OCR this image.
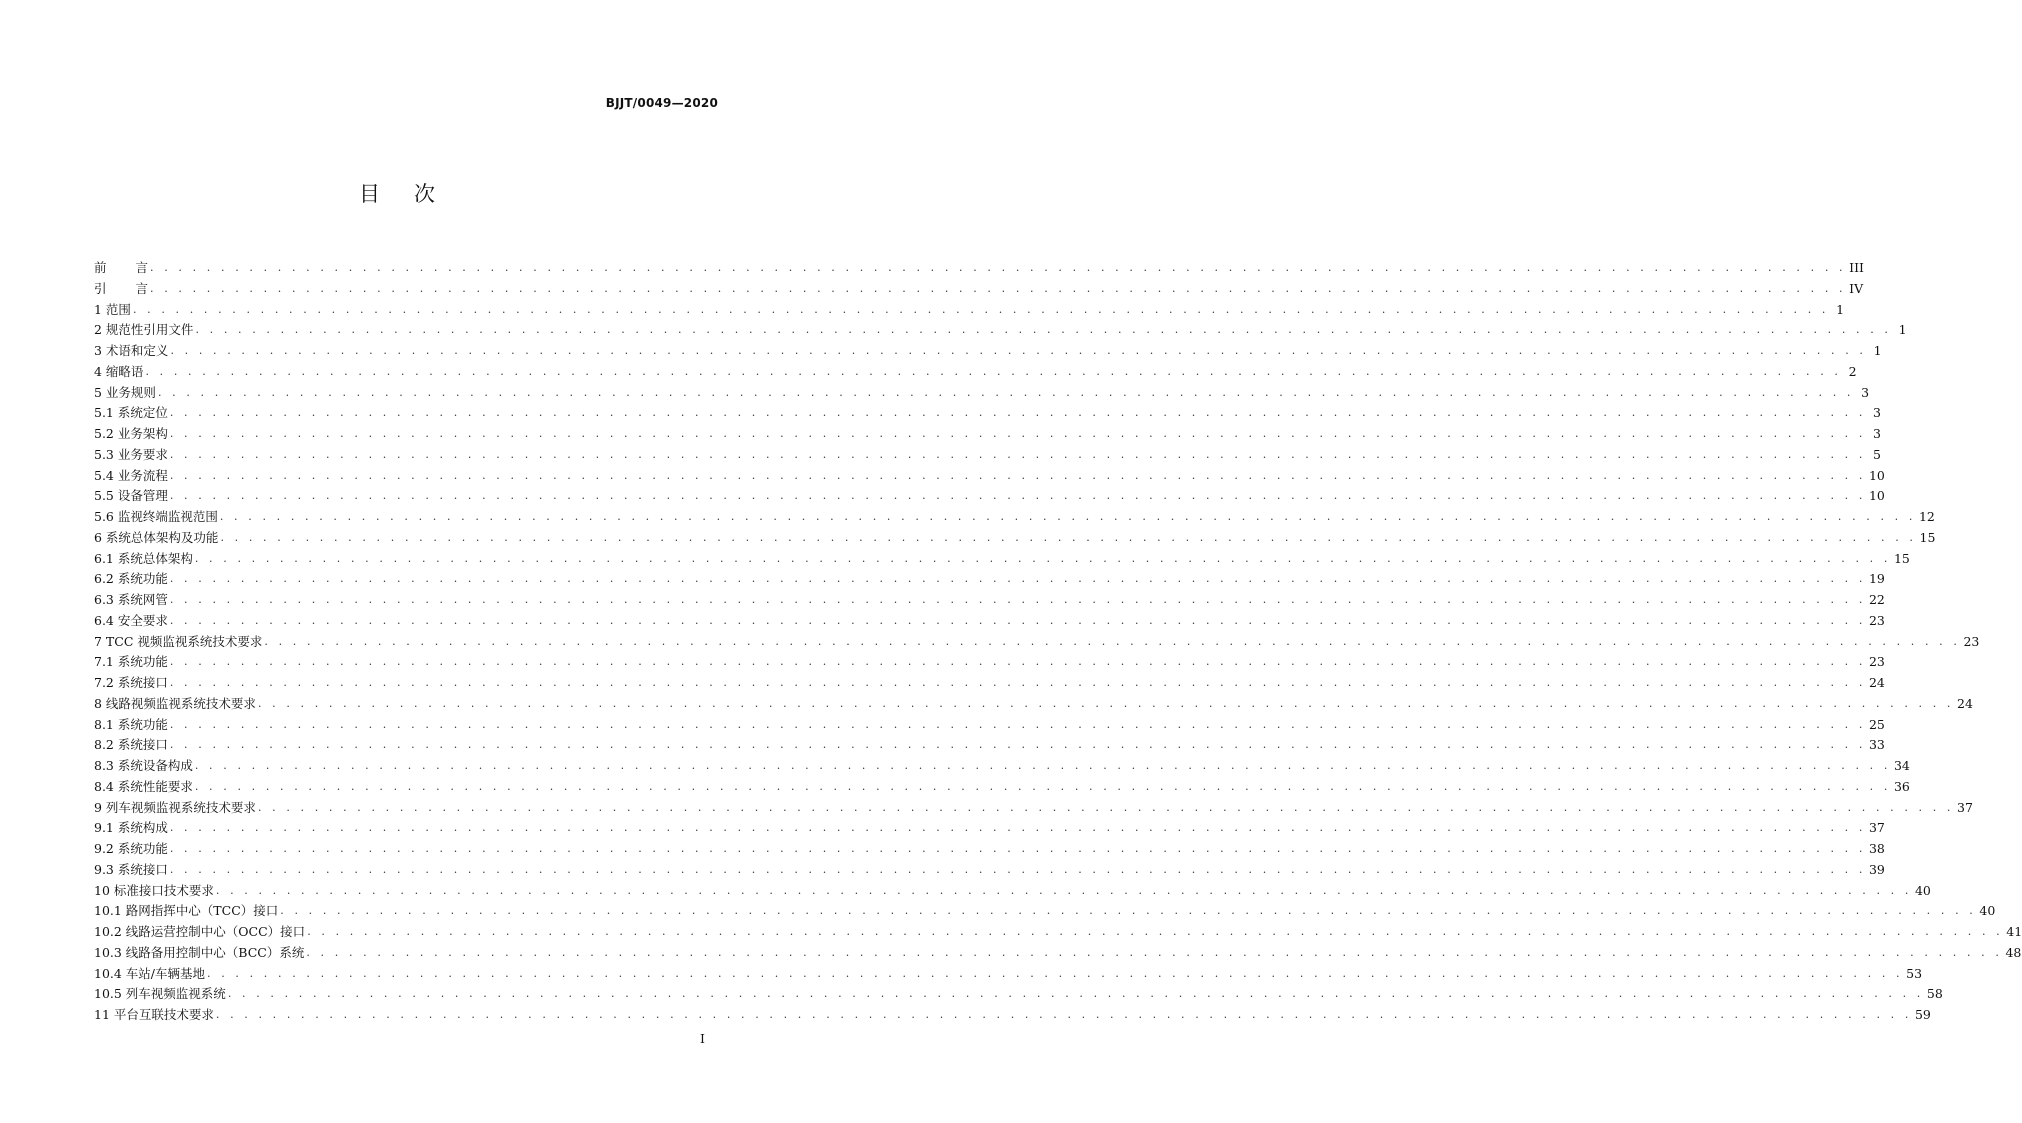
BJJT/0049—2020
目 次
前 言 . . . . . . . . . . . . . . . . . . . . . . . . . . . . . . . . . . . . . . . . . . . . . . . . . . . . . . . . . . . . . . . . . . . . . . . . . . . . . . . . . . . . . . . . . . . . . . . . . . . . . . . . . . . . . . . . . . . . . . . . III
引 言 . . . . . . . . . . . . . . . . . . . . . . . . . . . . . . . . . . . . . . . . . . . . . . . . . . . . . . . . . . . . . . . . . . . . . . . . . . . . . . . . . . . . . . . . . . . . . . . . . . . . . . . . . . . . . . . . . . . . . . . . IV
1 范围 . . . . . . . . . . . . . . . . . . . . . . . . . . . . . . . . . . . . . . . . . . . . . . . . . . . . . . . . . . . . . . . . . . . . . . . . . . . . . . . . . . . . . . . . . . . . . . . . . . . . . . . . . . . . . . . . . . . . . . . . 1
2 规范性引用文件 . . . . . . . . . . . . . . . . . . . . . . . . . . . . . . . . . . . . . . . . . . . . . . . . . . . . . . . . . . . . . . . . . . . . . . . . . . . . . . . . . . . . . . . . . . . . . . . . . . . . . . . . . . . . . . . . . . . . . . . . 1
3 术语和定义 . . . . . . . . . . . . . . . . . . . . . . . . . . . . . . . . . . . . . . . . . . . . . . . . . . . . . . . . . . . . . . . . . . . . . . . . . . . . . . . . . . . . . . . . . . . . . . . . . . . . . . . . . . . . . . . . . . . . . . . . 1
4 缩略语 . . . . . . . . . . . . . . . . . . . . . . . . . . . . . . . . . . . . . . . . . . . . . . . . . . . . . . . . . . . . . . . . . . . . . . . . . . . . . . . . . . . . . . . . . . . . . . . . . . . . . . . . . . . . . . . . . . . . . . . . 2
5 业务规则 . . . . . . . . . . . . . . . . . . . . . . . . . . . . . . . . . . . . . . . . . . . . . . . . . . . . . . . . . . . . . . . . . . . . . . . . . . . . . . . . . . . . . . . . . . . . . . . . . . . . . . . . . . . . . . . . . . . . . . . . 3
5.1 系统定位 . . . . . . . . . . . . . . . . . . . . . . . . . . . . . . . . . . . . . . . . . . . . . . . . . . . . . . . . . . . . . . . . . . . . . . . . . . . . . . . . . . . . . . . . . . . . . . . . . . . . . . . . . . . . . . . . . . . . . . . . 3
5.2 业务架构 . . . . . . . . . . . . . . . . . . . . . . . . . . . . . . . . . . . . . . . . . . . . . . . . . . . . . . . . . . . . . . . . . . . . . . . . . . . . . . . . . . . . . . . . . . . . . . . . . . . . . . . . . . . . . . . . . . . . . . . . 3
5.3 业务要求 . . . . . . . . . . . . . . . . . . . . . . . . . . . . . . . . . . . . . . . . . . . . . . . . . . . . . . . . . . . . . . . . . . . . . . . . . . . . . . . . . . . . . . . . . . . . . . . . . . . . . . . . . . . . . . . . . . . . . . . . 5
5.4 业务流程 . . . . . . . . . . . . . . . . . . . . . . . . . . . . . . . . . . . . . . . . . . . . . . . . . . . . . . . . . . . . . . . . . . . . . . . . . . . . . . . . . . . . . . . . . . . . . . . . . . . . . . . . . . . . . . . . . . . . . . . . 10
5.5 设备管理 . . . . . . . . . . . . . . . . . . . . . . . . . . . . . . . . . . . . . . . . . . . . . . . . . . . . . . . . . . . . . . . . . . . . . . . . . . . . . . . . . . . . . . . . . . . . . . . . . . . . . . . . . . . . . . . . . . . . . . . . 10
5.6 监视终端监视范围 . . . . . . . . . . . . . . . . . . . . . . . . . . . . . . . . . . . . . . . . . . . . . . . . . . . . . . . . . . . . . . . . . . . . . . . . . . . . . . . . . . . . . . . . . . . . . . . . . . . . . . . . . . . . . . . . . . . . . . . . 12
6 系统总体架构及功能 . . . . . . . . . . . . . . . . . . . . . . . . . . . . . . . . . . . . . . . . . . . . . . . . . . . . . . . . . . . . . . . . . . . . . . . . . . . . . . . . . . . . . . . . . . . . . . . . . . . . . . . . . . . . . . . . . . . . . . . . 15
6.1 系统总体架构 . . . . . . . . . . . . . . . . . . . . . . . . . . . . . . . . . . . . . . . . . . . . . . . . . . . . . . . . . . . . . . . . . . . . . . . . . . . . . . . . . . . . . . . . . . . . . . . . . . . . . . . . . . . . . . . . . . . . . . . . 15
6.2 系统功能 . . . . . . . . . . . . . . . . . . . . . . . . . . . . . . . . . . . . . . . . . . . . . . . . . . . . . . . . . . . . . . . . . . . . . . . . . . . . . . . . . . . . . . . . . . . . . . . . . . . . . . . . . . . . . . . . . . . . . . . . 19
6.3 系统网管 . . . . . . . . . . . . . . . . . . . . . . . . . . . . . . . . . . . . . . . . . . . . . . . . . . . . . . . . . . . . . . . . . . . . . . . . . . . . . . . . . . . . . . . . . . . . . . . . . . . . . . . . . . . . . . . . . . . . . . . . 22
6.4 安全要求 . . . . . . . . . . . . . . . . . . . . . . . . . . . . . . . . . . . . . . . . . . . . . . . . . . . . . . . . . . . . . . . . . . . . . . . . . . . . . . . . . . . . . . . . . . . . . . . . . . . . . . . . . . . . . . . . . . . . . . . . 23
7 TCC 视频监视系统技术要求 . . . . . . . . . . . . . . . . . . . . . . . . . . . . . . . . . . . . . . . . . . . . . . . . . . . . . . . . . . . . . . . . . . . . . . . . . . . . . . . . . . . . . . . . . . . . . . . . . . . . . . . . . . . . . . . . . . . . . . . . 23
7.1 系统功能 . . . . . . . . . . . . . . . . . . . . . . . . . . . . . . . . . . . . . . . . . . . . . . . . . . . . . . . . . . . . . . . . . . . . . . . . . . . . . . . . . . . . . . . . . . . . . . . . . . . . . . . . . . . . . . . . . . . . . . . . 23
7.2 系统接口 . . . . . . . . . . . . . . . . . . . . . . . . . . . . . . . . . . . . . . . . . . . . . . . . . . . . . . . . . . . . . . . . . . . . . . . . . . . . . . . . . . . . . . . . . . . . . . . . . . . . . . . . . . . . . . . . . . . . . . . . 24
8 线路视频监视系统技术要求 . . . . . . . . . . . . . . . . . . . . . . . . . . . . . . . . . . . . . . . . . . . . . . . . . . . . . . . . . . . . . . . . . . . . . . . . . . . . . . . . . . . . . . . . . . . . . . . . . . . . . . . . . . . . . . . . . . . . . . . . 24
8.1 系统功能 . . . . . . . . . . . . . . . . . . . . . . . . . . . . . . . . . . . . . . . . . . . . . . . . . . . . . . . . . . . . . . . . . . . . . . . . . . . . . . . . . . . . . . . . . . . . . . . . . . . . . . . . . . . . . . . . . . . . . . . . 25
8.2 系统接口 . . . . . . . . . . . . . . . . . . . . . . . . . . . . . . . . . . . . . . . . . . . . . . . . . . . . . . . . . . . . . . . . . . . . . . . . . . . . . . . . . . . . . . . . . . . . . . . . . . . . . . . . . . . . . . . . . . . . . . . . 33
8.3 系统设备构成 . . . . . . . . . . . . . . . . . . . . . . . . . . . . . . . . . . . . . . . . . . . . . . . . . . . . . . . . . . . . . . . . . . . . . . . . . . . . . . . . . . . . . . . . . . . . . . . . . . . . . . . . . . . . . . . . . . . . . . . . 34
8.4 系统性能要求 . . . . . . . . . . . . . . . . . . . . . . . . . . . . . . . . . . . . . . . . . . . . . . . . . . . . . . . . . . . . . . . . . . . . . . . . . . . . . . . . . . . . . . . . . . . . . . . . . . . . . . . . . . . . . . . . . . . . . . . . 36
9 列车视频监视系统技术要求 . . . . . . . . . . . . . . . . . . . . . . . . . . . . . . . . . . . . . . . . . . . . . . . . . . . . . . . . . . . . . . . . . . . . . . . . . . . . . . . . . . . . . . . . . . . . . . . . . . . . . . . . . . . . . . . . . . . . . . . . 37
9.1 系统构成 . . . . . . . . . . . . . . . . . . . . . . . . . . . . . . . . . . . . . . . . . . . . . . . . . . . . . . . . . . . . . . . . . . . . . . . . . . . . . . . . . . . . . . . . . . . . . . . . . . . . . . . . . . . . . . . . . . . . . . . . 37
9.2 系统功能 . . . . . . . . . . . . . . . . . . . . . . . . . . . . . . . . . . . . . . . . . . . . . . . . . . . . . . . . . . . . . . . . . . . . . . . . . . . . . . . . . . . . . . . . . . . . . . . . . . . . . . . . . . . . . . . . . . . . . . . . 38
9.3 系统接口 . . . . . . . . . . . . . . . . . . . . . . . . . . . . . . . . . . . . . . . . . . . . . . . . . . . . . . . . . . . . . . . . . . . . . . . . . . . . . . . . . . . . . . . . . . . . . . . . . . . . . . . . . . . . . . . . . . . . . . . . 39
10 标准接口技术要求 . . . . . . . . . . . . . . . . . . . . . . . . . . . . . . . . . . . . . . . . . . . . . . . . . . . . . . . . . . . . . . . . . . . . . . . . . . . . . . . . . . . . . . . . . . . . . . . . . . . . . . . . . . . . . . . . . . . . . . . . 40
10.1 路网指挥中心（TCC）接口 . . . . . . . . . . . . . . . . . . . . . . . . . . . . . . . . . . . . . . . . . . . . . . . . . . . . . . . . . . . . . . . . . . . . . . . . . . . . . . . . . . . . . . . . . . . . . . . . . . . . . . . . . . . . . . . . . . . . . . . . 40
10.2 线路运营控制中心（OCC）接口 . . . . . . . . . . . . . . . . . . . . . . . . . . . . . . . . . . . . . . . . . . . . . . . . . . . . . . . . . . . . . . . . . . . . . . . . . . . . . . . . . . . . . . . . . . . . . . . . . . . . . . . . . . . . . . . . . . . . . . . . 41
10.3 线路备用控制中心（BCC）系统 . . . . . . . . . . . . . . . . . . . . . . . . . . . . . . . . . . . . . . . . . . . . . . . . . . . . . . . . . . . . . . . . . . . . . . . . . . . . . . . . . . . . . . . . . . . . . . . . . . . . . . . . . . . . . . . . . . . . . . . . 48
10.4 车站/车辆基地 . . . . . . . . . . . . . . . . . . . . . . . . . . . . . . . . . . . . . . . . . . . . . . . . . . . . . . . . . . . . . . . . . . . . . . . . . . . . . . . . . . . . . . . . . . . . . . . . . . . . . . . . . . . . . . . . . . . . . . . . 53
10.5 列车视频监视系统 . . . . . . . . . . . . . . . . . . . . . . . . . . . . . . . . . . . . . . . . . . . . . . . . . . . . . . . . . . . . . . . . . . . . . . . . . . . . . . . . . . . . . . . . . . . . . . . . . . . . . . . . . . . . . . . . . . . . . . . . 58
11 平台互联技术要求 . . . . . . . . . . . . . . . . . . . . . . . . . . . . . . . . . . . . . . . . . . . . . . . . . . . . . . . . . . . . . . . . . . . . . . . . . . . . . . . . . . . . . . . . . . . . . . . . . . . . . . . . . . . . . . . . . . . . . . . . 59
I
